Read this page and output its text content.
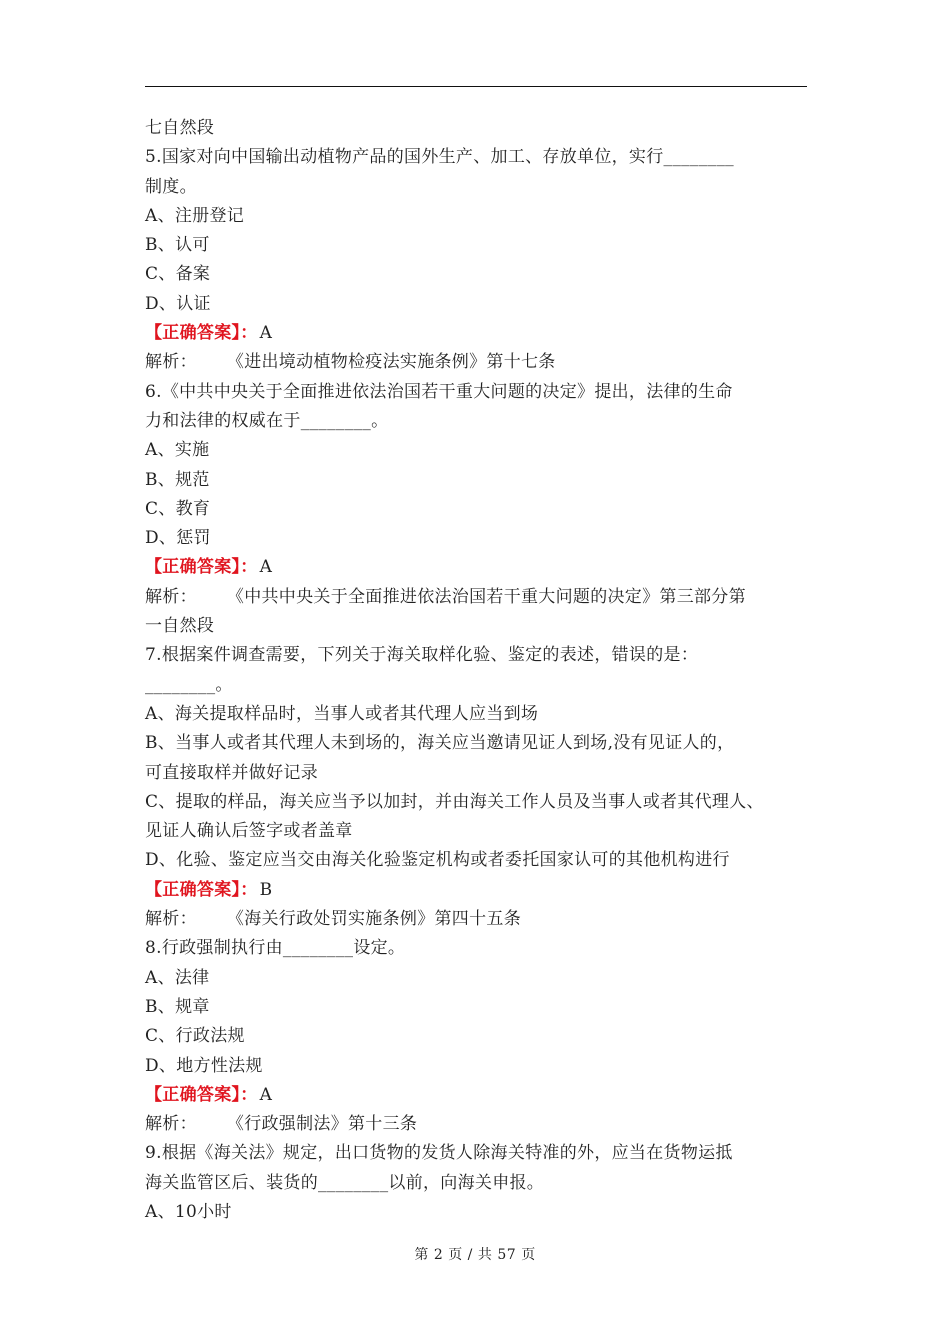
七自然段
5.国家对向中国输出动植物产品的国外生产、加工、存放单位，实行________
制度。
A、注册登记
B、认可
C、备案
D、认证
【正确答案】： A
解析： 《进出境动植物检疫法实施条例》第十七条
6.《中共中央关于全面推进依法治国若干重大问题的决定》提出，法律的生命
力和法律的权威在于________。
A、实施
B、规范
C、教育
D、惩罚
【正确答案】： A
解析： 《中共中央关于全面推进依法治国若干重大问题的决定》第三部分第
一自然段
7.根据案件调查需要，下列关于海关取样化验、鉴定的表述，错误的是：
________。
A、海关提取样品时，当事人或者其代理人应当到场
B、当事人或者其代理人未到场的，海关应当邀请见证人到场,没有见证人的，
可直接取样并做好记录
C、提取的样品，海关应当予以加封，并由海关工作人员及当事人或者其代理人、
见证人确认后签字或者盖章
D、化验、鉴定应当交由海关化验鉴定机构或者委托国家认可的其他机构进行
【正确答案】： B
解析： 《海关行政处罚实施条例》第四十五条
8.行政强制执行由________设定。
A、法律
B、规章
C、行政法规
D、地方性法规
【正确答案】： A
解析： 《行政强制法》第十三条
9.根据《海关法》规定，出口货物的发货人除海关特准的外，应当在货物运抵
海关监管区后、装货的________以前，向海关申报。
A、10小时
第 2 页 / 共 57 页
